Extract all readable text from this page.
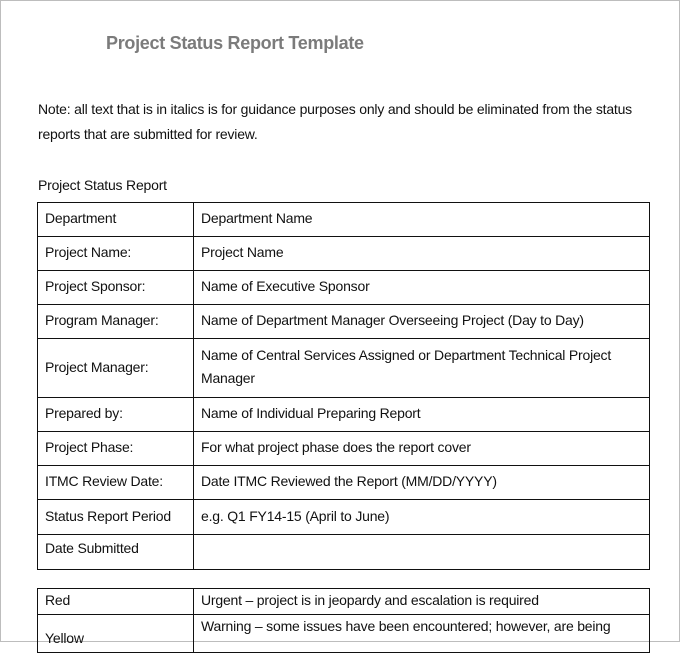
Project Status Report Template
Note: all text that is in italics is for guidance purposes only and should be eliminated from the status reports that are submitted for review.
Project Status Report
Department	Department Name
Project Name:	Project Name
Project Sponsor:	Name of Executive Sponsor
Program Manager:	Name of Department Manager Overseeing Project (Day to Day)
Project Manager:	Name of Central Services Assigned or Department Technical Project Manager
Prepared by:	Name of Individual Preparing Report
Project Phase:	For what project phase does the report cover
ITMC Review Date:	Date ITMC Reviewed the Report (MM/DD/YYYY)
Status Report Period	e.g. Q1 FY14-15 (April to June)
Date Submitted	
Red	Urgent – project is in jeopardy and escalation is required
Yellow	Warning – some issues have been encountered; however, are being
